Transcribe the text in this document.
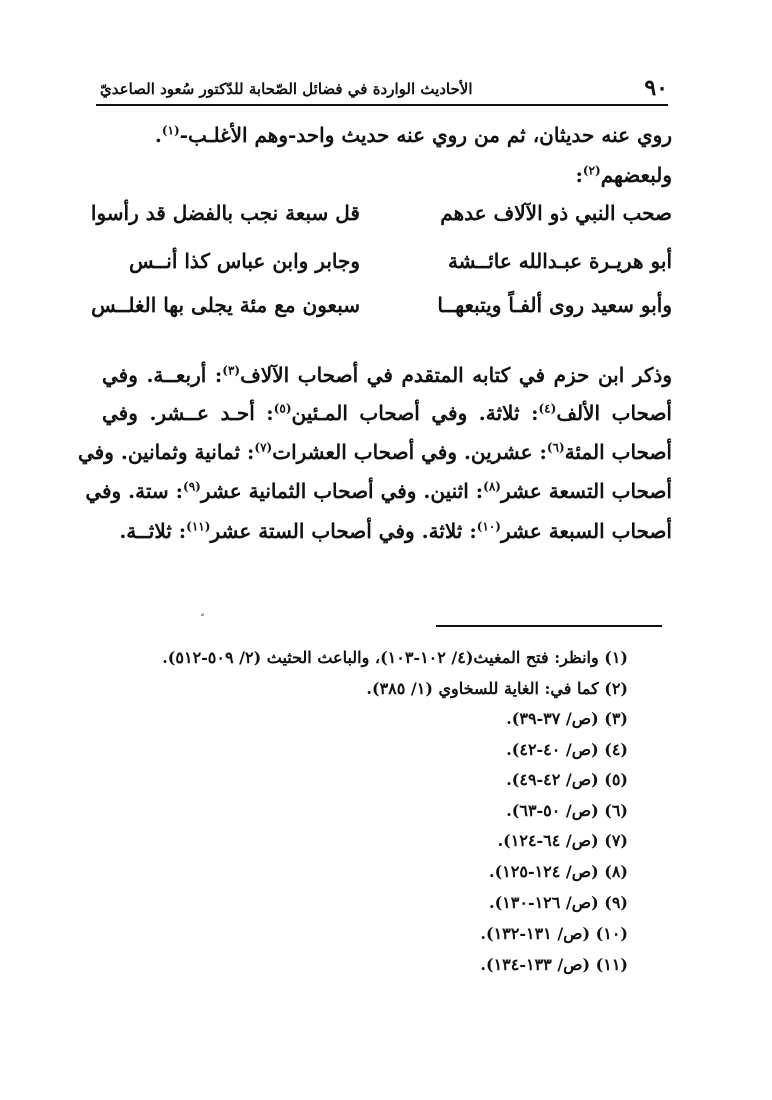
٩٠
الأحاديث الواردة في فضائل الصّحابة للدّكتور سُعود الصاعديّ
روي عنه حديثان، ثم من روي عنه حديث واحد-وهم الأغلـب-$^{(١)}$.
ولبعضهم$^{(٢)}$:
صحب النبي ذو الآلاف عدهم
قل سبعة نجب بالفضل قد رأسوا
أبو هريـرة عبـدالله عائــشة
وجابر وابن عباس كذا أنــس
وأبو سعيد روى ألفـاً ويتبعهــا
سبعون مع مئة يجلى بها الغلــس
وذكر ابن حزم في كتابه المتقدم في أصحاب الآلاف$^{(٣)}$: أربعــة. وفي
أصحاب الألف$^{(٤)}$: ثلاثة. وفي أصحاب المـئين$^{(٥)}$: أحـد عــشر. وفي
أصحاب المئة$^{(٦)}$: عشرين. وفي أصحاب العشرات$^{(٧)}$: ثمانية وثمانين. وفي
أصحاب التسعة عشر$^{(٨)}$: اثنين. وفي أصحاب الثمانية عشر$^{(٩)}$: ستة. وفي
أصحاب السبعة عشر$^{(١٠)}$: ثلاثة. وفي أصحاب الستة عشر$^{(١١)}$: ثلاثــة.
(١) وانظر: فتح المغيث(٤/ ١٠٢-١٠٣)، والباعث الحثيث (٢/ ٥٠٩-٥١٢).
(٢) كما في: الغاية للسخاوي (١/ ٣٨٥).
(٣) (ص/ ٣٧-٣٩).
(٤) (ص/ ٤٠-٤٢).
(٥) (ص/ ٤٢-٤٩).
(٦) (ص/ ٥٠-٦٣).
(٧) (ص/ ٦٤-١٢٤).
(٨) (ص/ ١٢٤-١٢٥).
(٩) (ص/ ١٢٦-١٣٠).
(١٠) (ص/ ١٣١-١٣٢).
(١١) (ص/ ١٣٣-١٣٤).
